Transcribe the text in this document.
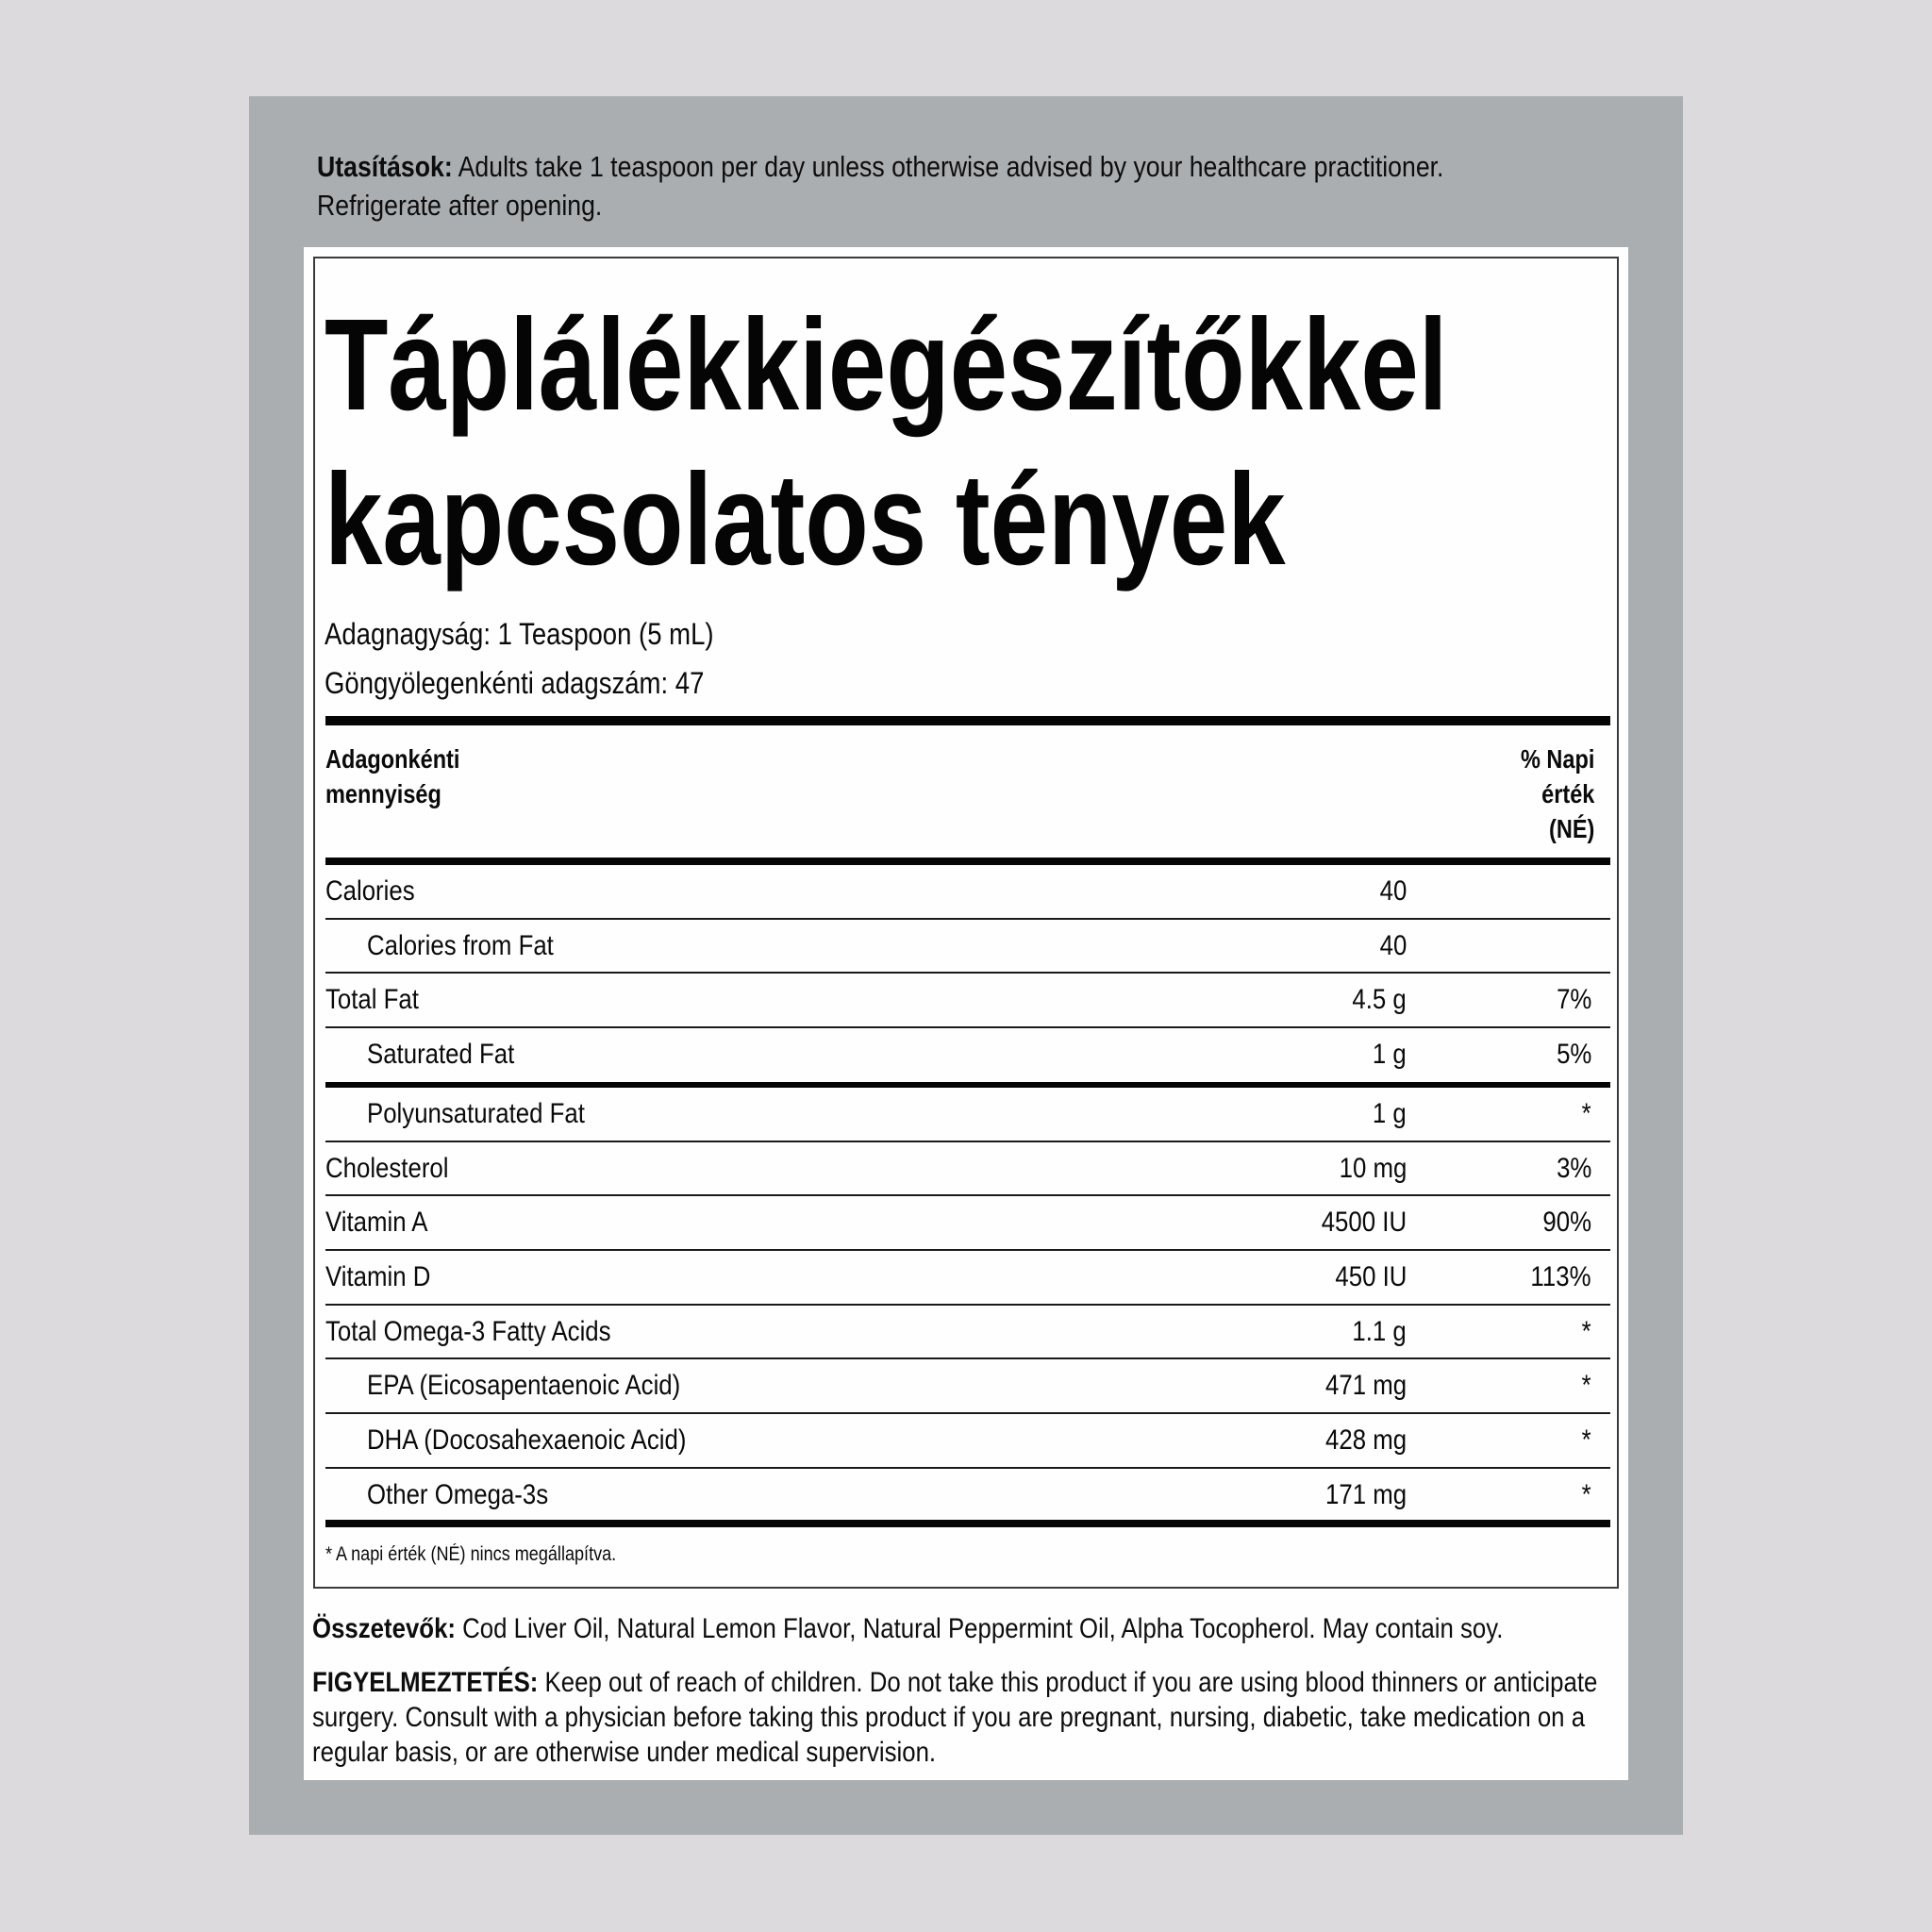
Utasítások: Adults take 1 teaspoon per day unless otherwise advised by your healthcare practitioner.
Refrigerate after opening.
Táplálékkiegészítőkkel
kapcsolatos tények
Adagnagyság: 1 Teaspoon (5 mL)
Göngyölegenkénti adagszám: 47
Adagonkénti
mennyiség
% Napi
érték
(NÉ)
Calories	40
Calories from Fat	40
Total Fat	4.5 g	7%
Saturated Fat	1 g	5%
Polyunsaturated Fat	1 g	*
Cholesterol	10 mg	3%
Vitamin A	4500 IU	90%
Vitamin D	450 IU	113%
Total Omega-3 Fatty Acids	1.1 g	*
EPA (Eicosapentaenoic Acid)	471 mg	*
DHA (Docosahexaenoic Acid)	428 mg	*
Other Omega-3s	171 mg	*
* A napi érték (NÉ) nincs megállapítva.
Összetevők: Cod Liver Oil, Natural Lemon Flavor, Natural Peppermint Oil, Alpha Tocopherol. May contain soy.
FIGYELMEZTETÉS: Keep out of reach of children. Do not take this product if you are using blood thinners or anticipate
surgery. Consult with a physician before taking this product if you are pregnant, nursing, diabetic, take medication on a
regular basis, or are otherwise under medical supervision.
